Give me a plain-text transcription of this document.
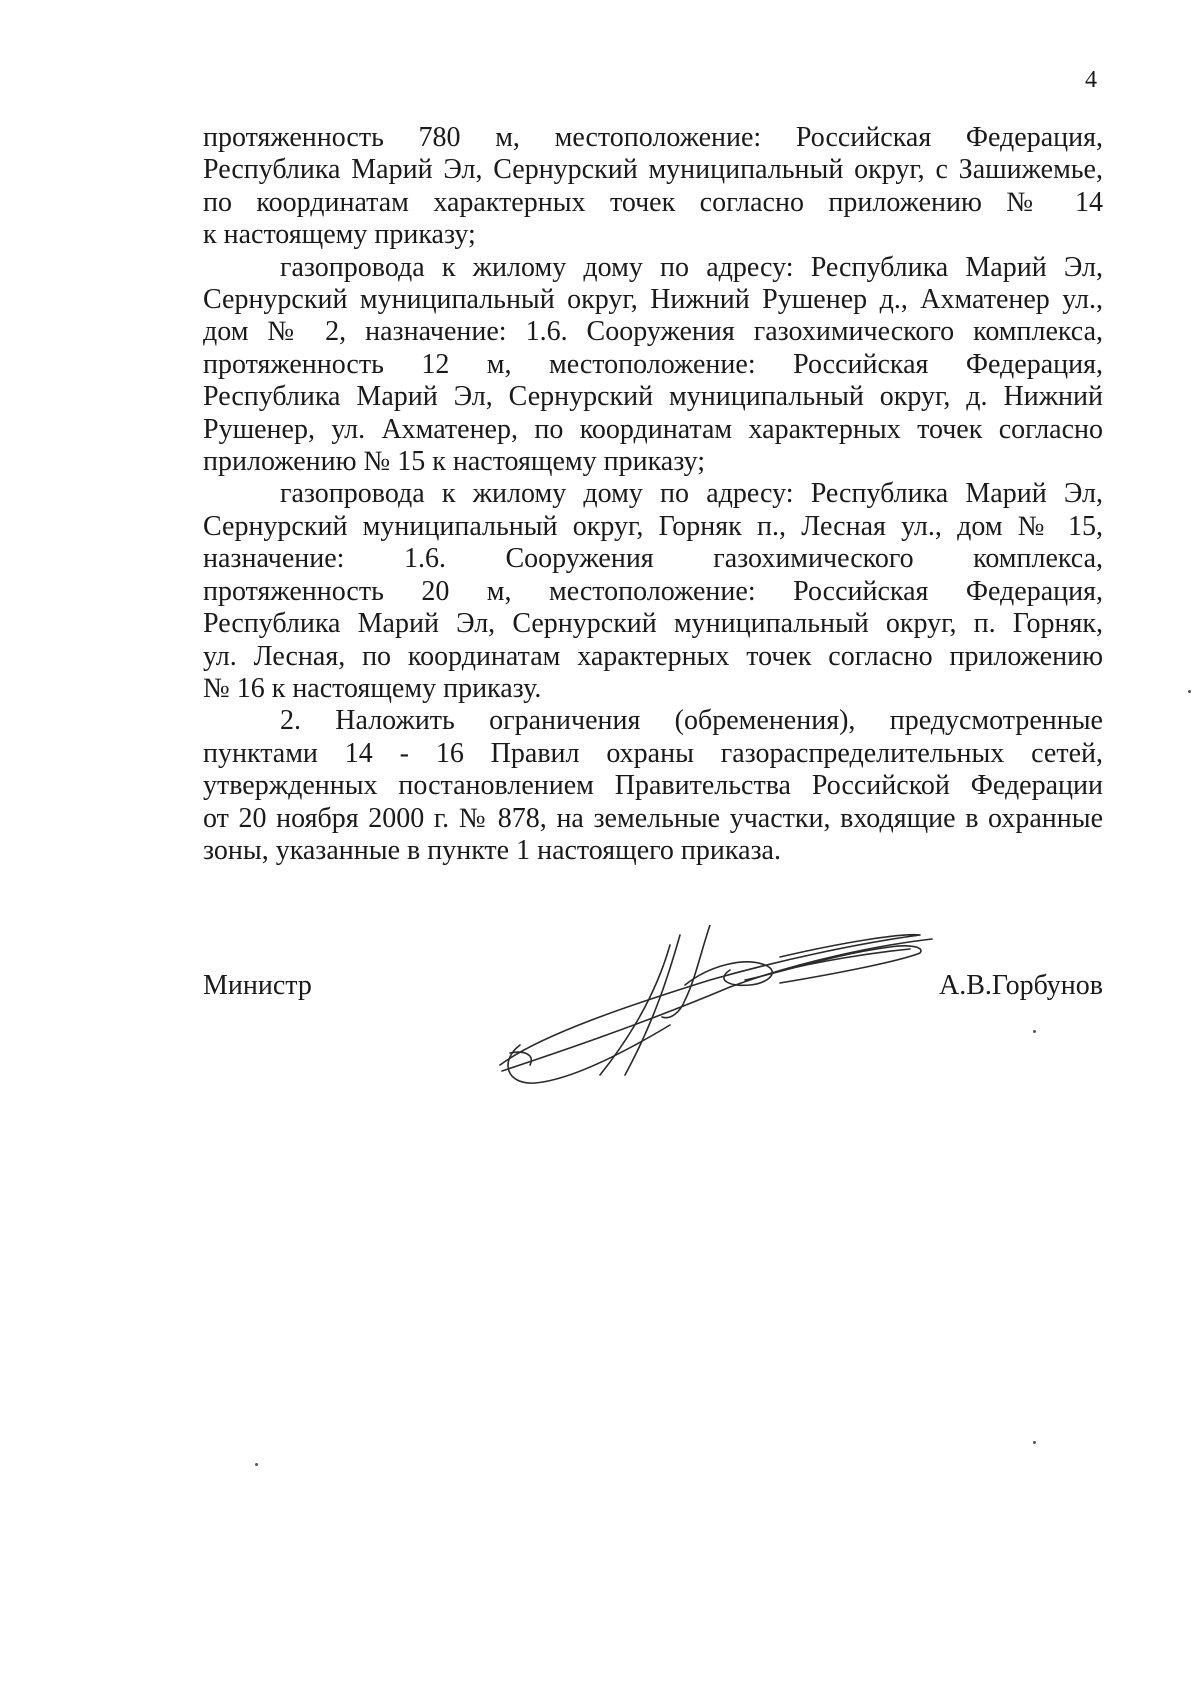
4
протяженность 780 м, местоположение: Российская Федерация,
Республика Марий Эл, Сернурский муниципальный округ, с Зашижемье,
по координатам характерных точек согласно приложению № 14
к настоящему приказу;
газопровода к жилому дому по адресу: Республика Марий Эл,
Сернурский муниципальный округ, Нижний Рушенер д., Ахматенер ул.,
дом № 2, назначение: 1.6. Сооружения газохимического комплекса,
протяженность 12 м, местоположение: Российская Федерация,
Республика Марий Эл, Сернурский муниципальный округ, д. Нижний
Рушенер, ул. Ахматенер, по координатам характерных точек согласно
приложению № 15 к настоящему приказу;
газопровода к жилому дому по адресу: Республика Марий Эл,
Сернурский муниципальный округ, Горняк п., Лесная ул., дом № 15,
назначение: 1.6. Сооружения газохимического комплекса,
протяженность 20 м, местоположение: Российская Федерация,
Республика Марий Эл, Сернурский муниципальный округ, п. Горняк,
ул. Лесная, по координатам характерных точек согласно приложению
№ 16 к настоящему приказу.
2. Наложить ограничения (обременения), предусмотренные
пунктами 14 - 16 Правил охраны газораспределительных сетей,
утвержденных постановлением Правительства Российской Федерации
от 20 ноября 2000 г. № 878, на земельные участки, входящие в охранные
зоны, указанные в пункте 1 настоящего приказа.
Министр	А.В.Горбунов
